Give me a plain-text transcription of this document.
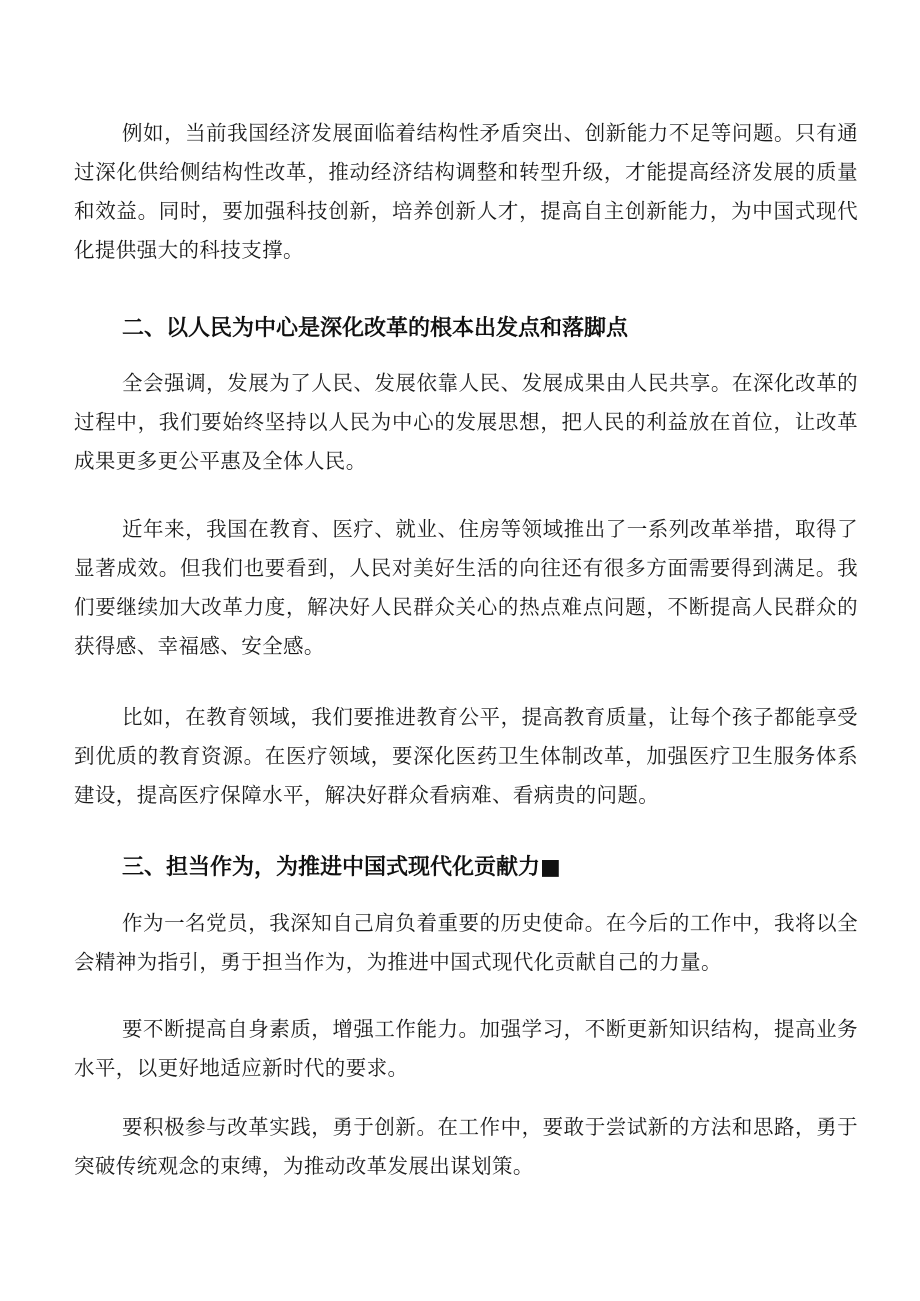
例如，当前我国经济发展面临着结构性矛盾突出、创新能力不足等问题。只有通过深化供给侧结构性改革，推动经济结构调整和转型升级，才能提高经济发展的质量和效益。同时，要加强科技创新，培养创新人才，提高自主创新能力，为中国式现代化提供强大的科技支撑。

二、以人民为中心是深化改革的根本出发点和落脚点

全会强调，发展为了人民、发展依靠人民、发展成果由人民共享。在深化改革的过程中，我们要始终坚持以人民为中心的发展思想，把人民的利益放在首位，让改革成果更多更公平惠及全体人民。

近年来，我国在教育、医疗、就业、住房等领域推出了一系列改革举措，取得了显著成效。但我们也要看到，人民对美好生活的向往还有很多方面需要得到满足。我们要继续加大改革力度，解决好人民群众关心的热点难点问题，不断提高人民群众的获得感、幸福感、安全感。

比如，在教育领域，我们要推进教育公平，提高教育质量，让每个孩子都能享受到优质的教育资源。在医疗领域，要深化医药卫生体制改革，加强医疗卫生服务体系建设，提高医疗保障水平，解决好群众看病难、看病贵的问题。

三、担当作为，为推进中国式现代化贡献力■

作为一名党员，我深知自己肩负着重要的历史使命。在今后的工作中，我将以全会精神为指引，勇于担当作为，为推进中国式现代化贡献自己的力量。

要不断提高自身素质，增强工作能力。加强学习，不断更新知识结构，提高业务水平，以更好地适应新时代的要求。

要积极参与改革实践，勇于创新。在工作中，要敢于尝试新的方法和思路，勇于突破传统观念的束缚，为推动改革发展出谋划策。
